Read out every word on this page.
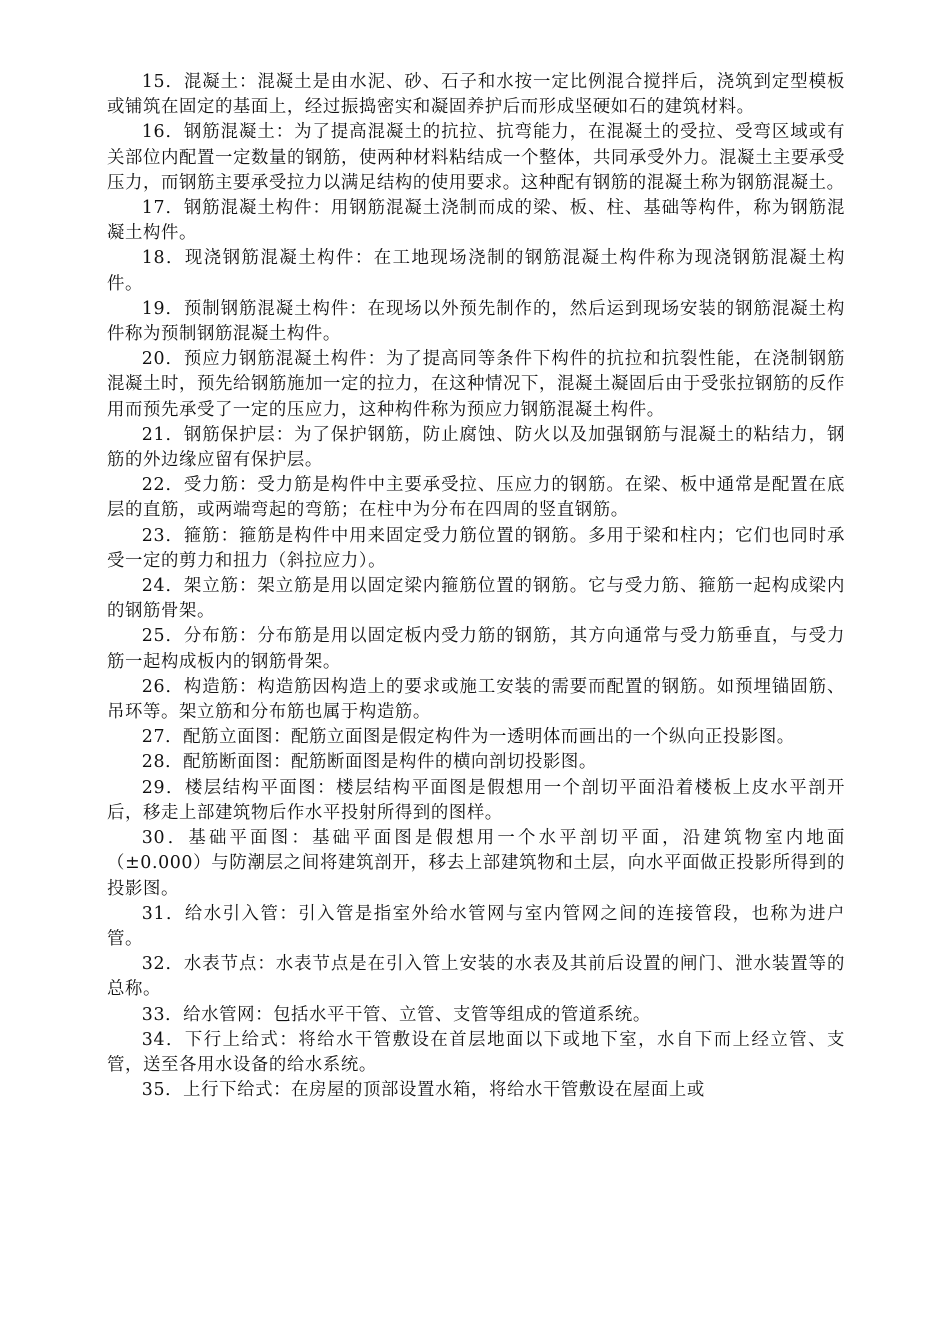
15．混凝土：混凝土是由水泥、砂、石子和水按一定比例混合搅拌后，浇筑到定型模板或铺筑在固定的基面上，经过振捣密实和凝固养护后而形成坚硬如石的建筑材料。

16．钢筋混凝土：为了提高混凝土的抗拉、抗弯能力，在混凝土的受拉、受弯区域或有关部位内配置一定数量的钢筋，使两种材料粘结成一个整体，共同承受外力。混凝土主要承受压力，而钢筋主要承受拉力以满足结构的使用要求。这种配有钢筋的混凝土称为钢筋混凝土。

17．钢筋混凝土构件：用钢筋混凝土浇制而成的梁、板、柱、基础等构件，称为钢筋混凝土构件。

18．现浇钢筋混凝土构件：在工地现场浇制的钢筋混凝土构件称为现浇钢筋混凝土构件。

19．预制钢筋混凝土构件：在现场以外预先制作的，然后运到现场安装的钢筋混凝土构件称为预制钢筋混凝土构件。

20．预应力钢筋混凝土构件：为了提高同等条件下构件的抗拉和抗裂性能，在浇制钢筋混凝土时，预先给钢筋施加一定的拉力，在这种情况下，混凝土凝固后由于受张拉钢筋的反作用而预先承受了一定的压应力，这种构件称为预应力钢筋混凝土构件。

21．钢筋保护层：为了保护钢筋，防止腐蚀、防火以及加强钢筋与混凝土的粘结力，钢筋的外边缘应留有保护层。

22．受力筋：受力筋是构件中主要承受拉、压应力的钢筋。在梁、板中通常是配置在底层的直筋，或两端弯起的弯筋；在柱中为分布在四周的竖直钢筋。

23．箍筋：箍筋是构件中用来固定受力筋位置的钢筋。多用于梁和柱内；它们也同时承受一定的剪力和扭力（斜拉应力）。

24．架立筋：架立筋是用以固定梁内箍筋位置的钢筋。它与受力筋、箍筋一起构成梁内的钢筋骨架。

25．分布筋：分布筋是用以固定板内受力筋的钢筋，其方向通常与受力筋垂直，与受力筋一起构成板内的钢筋骨架。

26．构造筋：构造筋因构造上的要求或施工安装的需要而配置的钢筋。如预埋锚固筋、吊环等。架立筋和分布筋也属于构造筋。

27．配筋立面图：配筋立面图是假定构件为一透明体而画出的一个纵向正投影图。

28．配筋断面图：配筋断面图是构件的横向剖切投影图。

29．楼层结构平面图：楼层结构平面图是假想用一个剖切平面沿着楼板上皮水平剖开后，移走上部建筑物后作水平投射所得到的图样。

30．基础平面图：基础平面图是假想用一个水平剖切平面，沿建筑物室内地面（±0.000）与防潮层之间将建筑剖开，移去上部建筑物和土层，向水平面做正投影所得到的投影图。

31．给水引入管：引入管是指室外给水管网与室内管网之间的连接管段，也称为进户管。

32．水表节点：水表节点是在引入管上安装的水表及其前后设置的闸门、泄水装置等的总称。

33．给水管网：包括水平干管、立管、支管等组成的管道系统。

34．下行上给式：将给水干管敷设在首层地面以下或地下室，水自下而上经立管、支管，送至各用水设备的给水系统。

35．上行下给式：在房屋的顶部设置水箱，将给水干管敷设在屋面上或
